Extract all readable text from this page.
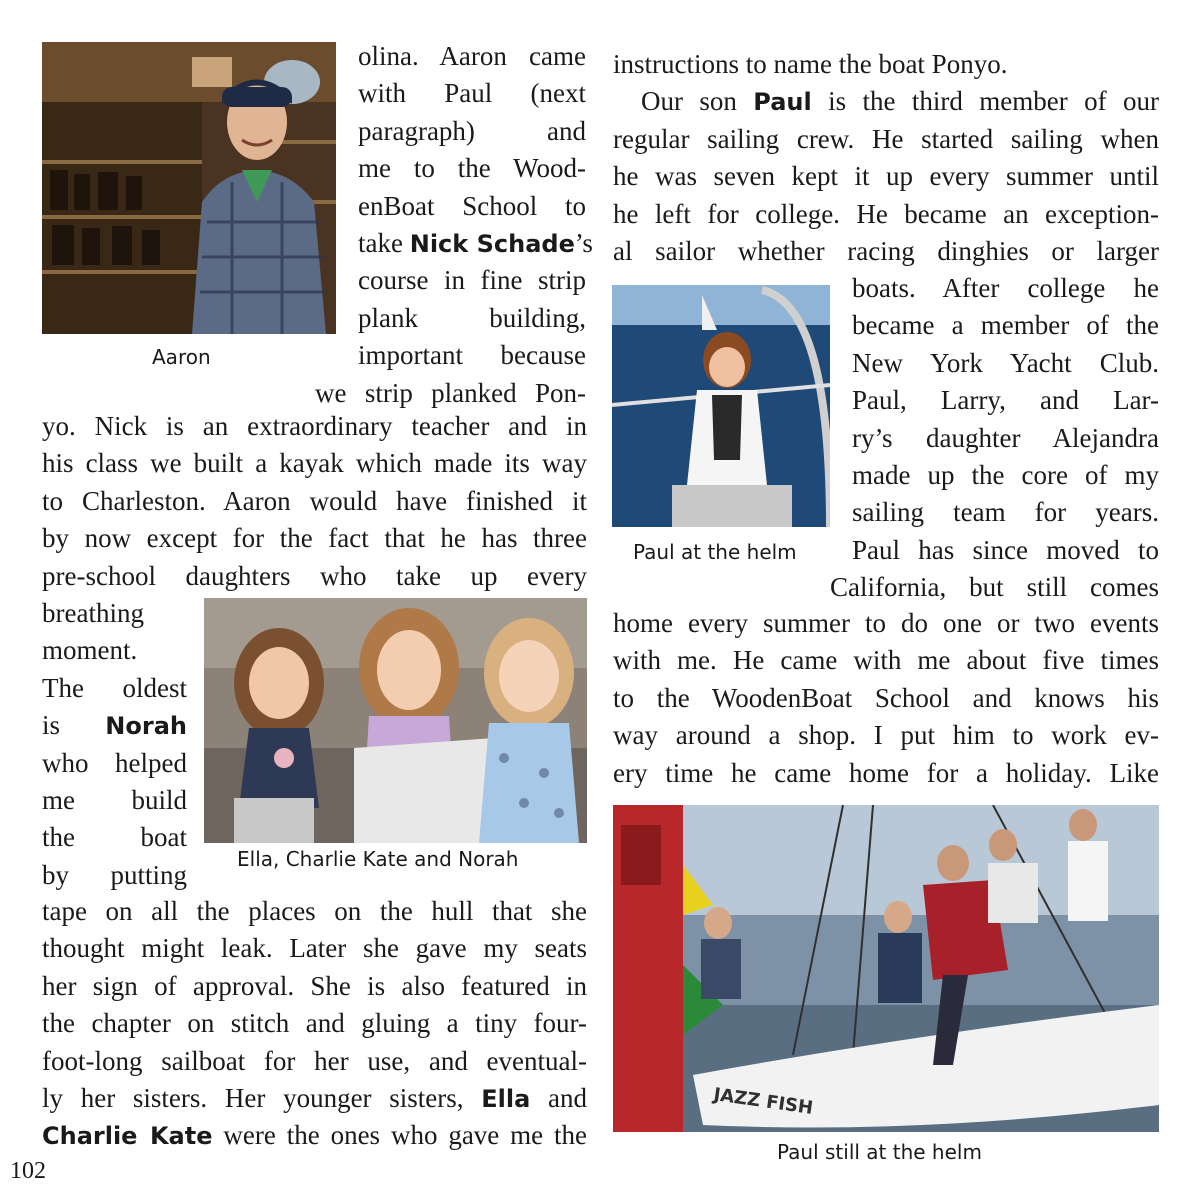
Aaron
olina. Aaron came
with Paul (next
paragraph) and
me to the Wood-
enBoat School to
take Nick Schade’s
course in fine strip
plank building,
important because
we strip planked Pon-
yo. Nick is an extraordinary teacher and in
his class we built a kayak which made its way
to Charleston. Aaron would have finished it
by now except for the fact that he has three
pre-school daughters who take up every
Ella, Charlie Kate and Norah
breathing
moment.
The oldest
is Norah
who helped
me build
the boat
by putting
tape on all the places on the hull that she
thought might leak. Later she gave my seats
her sign of approval. She is also featured in
the chapter on stitch and gluing a tiny four-
foot-long sailboat for her use, and eventual-
ly her sisters. Her younger sisters, Ella and
Charlie Kate were the ones who gave me the
instructions to name the boat Ponyo.
Our son Paul is the third member of our
regular sailing crew. He started sailing when
he was seven kept it up every summer until
he left for college. He became an exception-
al sailor whether racing dinghies or larger
Paul at the helm
boats. After college he
became a member of the
New York Yacht Club.
Paul, Larry, and Lar-
ry’s daughter Alejandra
made up the core of my
sailing team for years.
Paul has since moved to
California, but still comes
home every summer to do one or two events
with me. He came with me about five times
to the WoodenBoat School and knows his
way around a shop. I put him to work ev-
ery time he came home for a holiday. Like
JAZZ FISH
Paul still at the helm
102
